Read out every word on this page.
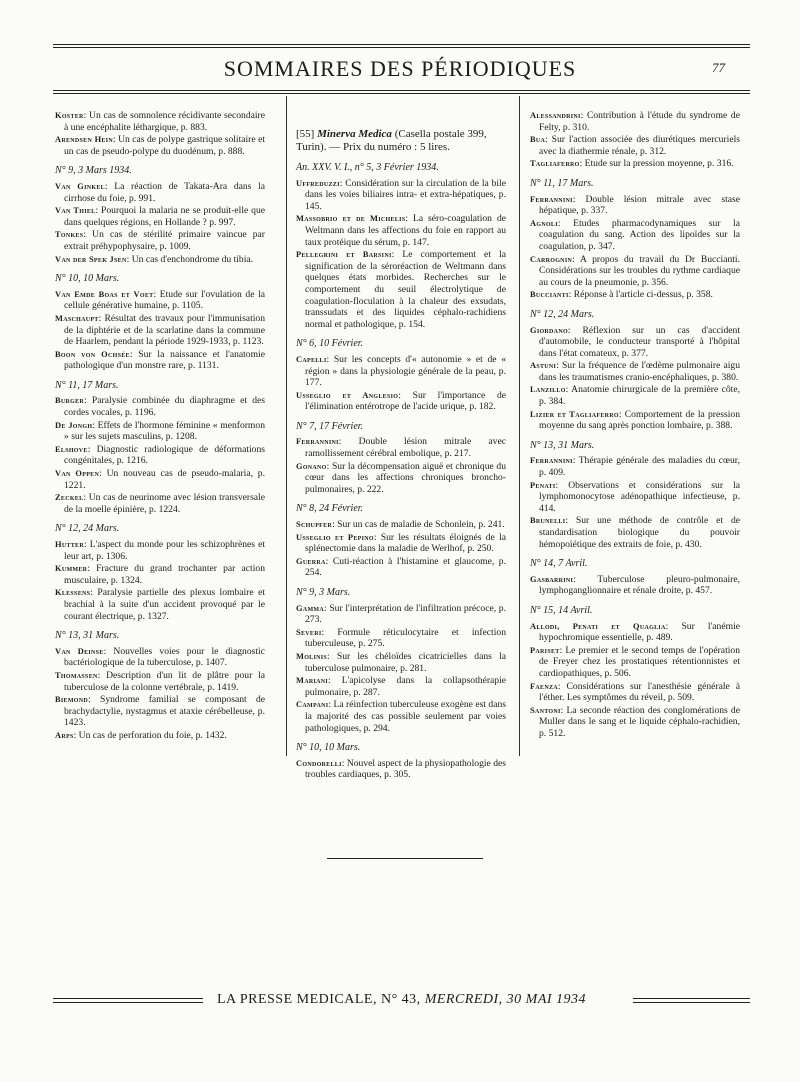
SOMMAIRES DES PÉRIODIQUES	77
Koster: Un cas de somnolence récidivante secondaire à une encéphalite léthargique, p. 883.
Arendsen Hein: Un cas de polype gastrique solitaire et un cas de pseudo-polype du duodénum, p. 888.
N° 9, 3 Mars 1934.
Van Ginkel: La réaction de Takata-Ara dans la cirrhose du foie, p. 991.
Van Thiel: Pourquoi la malaria ne se produit-elle que dans quelques régions, en Hollande ? p. 997.
Tonkes: Un cas de stérilité primaire vaincue par extrait préhypophysaire, p. 1009.
Van der Spek Jsen: Un cas d'enchondrome du tibia.
N° 10, 10 Mars.
Van Emde Boas et Voet: Etude sur l'ovulation de la cellule générative humaine, p. 1105.
Maschaupt: Résultat des travaux pour l'immunisation de la diphtérie et de la scarlatine dans la commune de Haarlem, pendant la période 1929-1933, p. 1123.
Boon von Ochsée: Sur la naissance et l'anatomie pathologique d'un monstre rare, p. 1131.
N° 11, 17 Mars.
Burger: Paralysie combinée du diaphragme et des cordes vocales, p. 1196.
De Jongh: Effets de l'hormone féminine « menformon » sur les sujets masculins, p. 1208.
Elshove: Diagnostic radiologique de déformations congénitales, p. 1216.
Van Oppen: Un nouveau cas de pseudo-malaria, p. 1221.
Zeckel: Un cas de neurinome avec lésion transversale de la moelle épinière, p. 1224.
N° 12, 24 Mars.
Hutter: L'aspect du monde pour les schizophrènes et leur art, p. 1306.
Kummer: Fracture du grand trochanter par action musculaire, p. 1324.
Klessens: Paralysie partielle des plexus lombaire et brachial à la suite d'un accident provoqué par le courant électrique, p. 1327.
N° 13, 31 Mars.
Van Deinse: Nouvelles voies pour le diagnostic bactériologique de la tuberculose, p. 1407.
Thomassen: Description d'un lit de plâtre pour la tuberculose de la colonne vertébrale, p. 1419.
Biemond: Syndrome familial se composant de brachydactylie, nystagmus et ataxie cérébelleuse, p. 1423.
Arps: Un cas de perforation du foie, p. 1432.
[55] Minerva Medica (Casella postale 399, Turin). — Prix du numéro : 5 lires.
An. XXV. V. I., n° 5, 3 Février 1934.
Uffreduzzi: Considération sur la circulation de la bile dans les voies biliaires intra- et extra-hépatiques, p. 145.
Massobrio et de Michelis: La séro-coagulation de Weltmann dans les affections du foie en rapport au taux protéique du sérum, p. 147.
Pellegrini et Barsini: Le comportement et la signification de la séroréaction de Weltmann dans quelques états morbides. Recherches sur le comportement du seuil électrolytique de coagulation-floculation à la chaleur des exsudats, transsudats et des liquides céphalo-rachidiens normal et pathologique, p. 154.
N° 6, 10 Février.
Capelli: Sur les concepts d'« autonomie » et de « région » dans la physiologie générale de la peau, p. 177.
Usseglio et Anglesio: Sur l'importance de l'élimination entérotrope de l'acide urique, p. 182.
N° 7, 17 Février.
Ferrannini: Double lésion mitrale avec ramollissement cérébral embolique, p. 217.
Gonano: Sur la décompensation aiguë et chronique du cœur dans les affections chroniques broncho-pulmonaires, p. 222.
N° 8, 24 Février.
Schupfer: Sur un cas de maladie de Schonlein, p. 241.
Usseglio et Pepino: Sur les résultats éloignés de la splénectomie dans la maladie de Werlhof, p. 250.
Guerra: Cuti-réaction à l'histamine et glaucome, p. 254.
N° 9, 3 Mars.
Gamma: Sur l'interprétation de l'infiltration précoce, p. 273.
Severi: Formule réticulocytaire et infection tuberculeuse, p. 275.
Molinis: Sur les chéloïdes cicatricielles dans la tuberculose pulmonaire, p. 281.
Mariani: L'apicolyse dans la collapsothérapie pulmonaire, p. 287.
Campani: La réinfection tuberculeuse exogène est dans la majorité des cas possible seulement par voies pathologiques, p. 294.
N° 10, 10 Mars.
Condorelli: Nouvel aspect de la physiopathologie des troubles cardiaques, p. 305.
Alessandrini: Contribution à l'étude du syndrome de Felty, p. 310.
Bua: Sur l'action associée des diurétiques mercuriels avec la diathermie rénale, p. 312.
Tagliaferro: Etude sur la pression moyenne, p. 316.
N° 11, 17 Mars.
Ferrannini: Double lésion mitrale avec stase hépatique, p. 337.
Agnoli: Etudes pharmacodynamiques sur la coagulation du sang. Action des lipoïdes sur la coagulation, p. 347.
Carrognin: A propos du travail du Dr Buccianti. Considérations sur les troubles du rythme cardiaque au cours de la pneumonie, p. 356.
Buccianti: Réponse à l'article ci-dessus, p. 358.
N° 12, 24 Mars.
Giordano: Réflexion sur un cas d'accident d'automobile, le conducteur transporté à l'hôpital dans l'état comateux, p. 377.
Astuni: Sur la fréquence de l'œdème pulmonaire aigu dans les traumatismes cranio-encéphaliques, p. 380.
Lanzillo: Anatomie chirurgicale de la première côte, p. 384.
Lizier et Tagliaferro: Comportement de la pression moyenne du sang après ponction lombaire, p. 388.
N° 13, 31 Mars.
Ferrannini: Thérapie générale des maladies du cœur, p. 409.
Penati: Observations et considérations sur la lymphomonocytose adénopathique infectieuse, p. 414.
Brunelli: Sur une méthode de contrôle et de standardisation biologique du pouvoir hémopoiétique des extraits de foie, p. 430.
N° 14, 7 Avril.
Gasbarrini: Tuberculose pleuro-pulmonaire, lymphoganglionnaire et rénale droite, p. 457.
N° 15, 14 Avril.
Allodi, Penati et Quaglia: Sur l'anémie hypochromique essentielle, p. 489.
Pariset: Le premier et le second temps de l'opération de Freyer chez les prostatiques rétentionnistes et cardiopathiques, p. 506.
Faenza: Considérations sur l'anesthésie générale à l'éther. Les symptômes du réveil, p. 509.
Santoni: La seconde réaction des conglomérations de Muller dans le sang et le liquide céphalo-rachidien, p. 512.
LA PRESSE MEDICALE, N° 43, MERCREDI, 30 MAI 1934
